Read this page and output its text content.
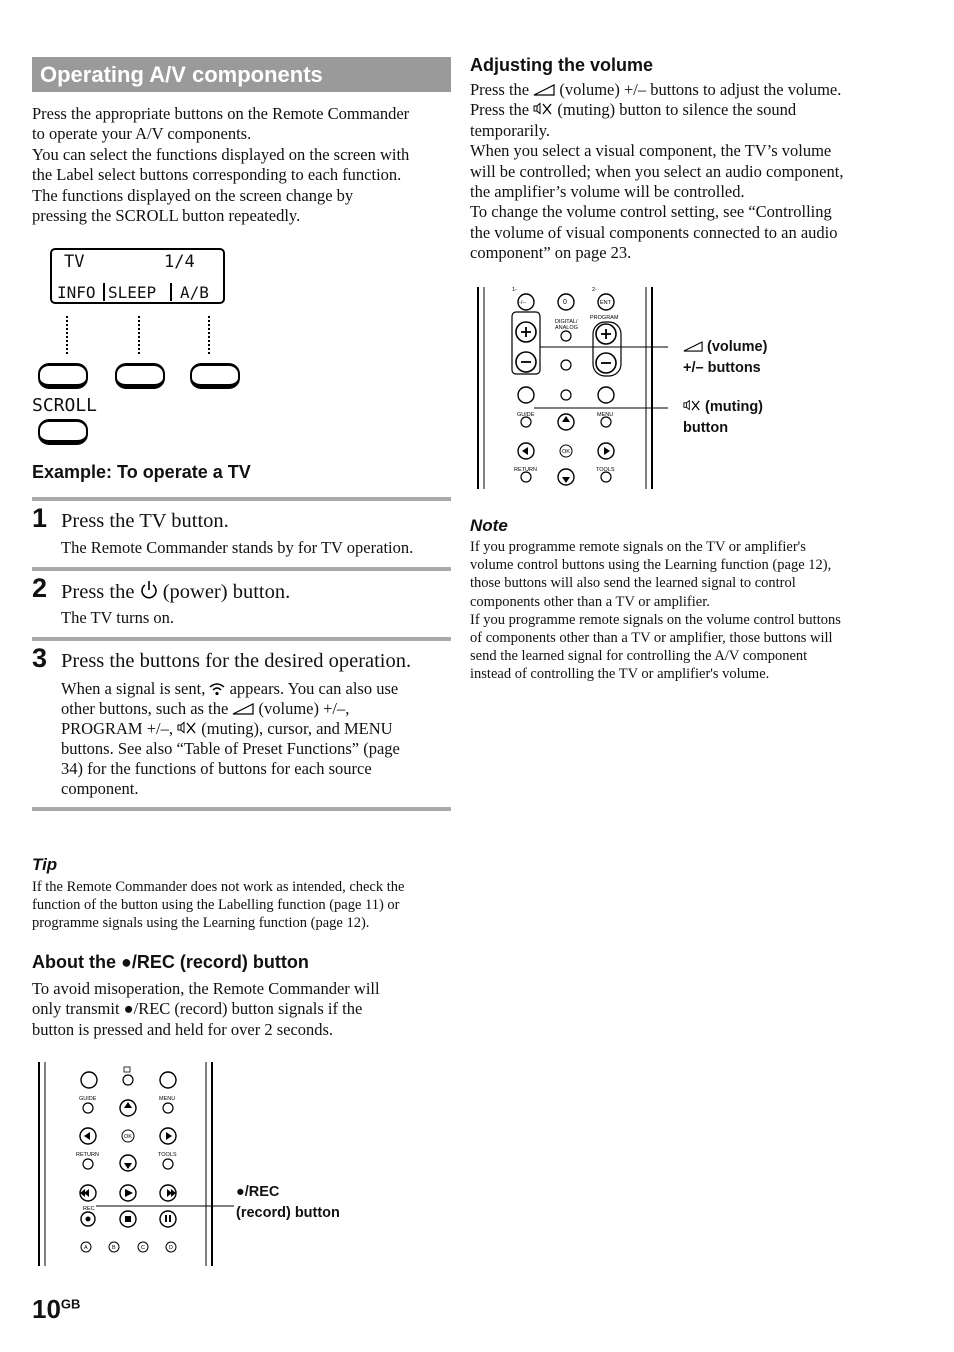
Operating A/V components
Press the appropriate buttons on the Remote Commander
to operate your A/V components.
You can select the functions displayed on the screen with
the Label select buttons corresponding to each function.
The functions displayed on the screen change by
pressing the SCROLL button repeatedly.
TV	1/4
INFO SLEEP A/B
SCROLL
Example: To operate a TV
1 Press the TV button.
The Remote Commander stands by for TV operation.
2 Press the (power) button.
The TV turns on.
3 Press the buttons for the desired operation.
When a signal is sent, appears. You can also use
other buttons, such as the (volume) +/–,
PROGRAM +/–, (muting), cursor, and MENU
buttons. See also “Table of Preset Functions” (page
34) for the functions of buttons for each source
component.
Tip
If the Remote Commander does not work as intended, check the
function of the button using the Labelling function (page 11) or
programme signals using the Learning function (page 12).
About the ●/REC (record) button
To avoid misoperation, the Remote Commander will
only transmit ●/REC (record) button signals if the
button is pressed and held for over 2 seconds.
GUIDE	MENU
OK
RETURN	TOOLS
REC
A	B	C	D
●/REC
(record) button
Adjusting the volume
Press the (volume) +/– buttons to adjust the volume.
Press the (muting) button to silence the sound
temporarily.
When you select a visual component, the TV’s volume
will be controlled; when you select an audio component,
the amplifier’s volume will be controlled.
To change the volume control setting, see “Controlling
the volume of visual components connected to an audio
component” on page 23.
1-	2-
-/--	0	ENT
DIGITAL/
ANALOG
PROGRAM
GUIDE	MENU
OK
RETURN	TOOLS
(volume)
+/– buttons
(muting)
button
Note
If you programme remote signals on the TV or amplifier's
volume control buttons using the Learning function (page 12),
those buttons will also send the learned signal to control
components other than a TV or amplifier.
If you programme remote signals on the volume control buttons
of components other than a TV or amplifier, those buttons will
send the learned signal for controlling the A/V component
instead of controlling the TV or amplifier's volume.
$10^{GB}$
